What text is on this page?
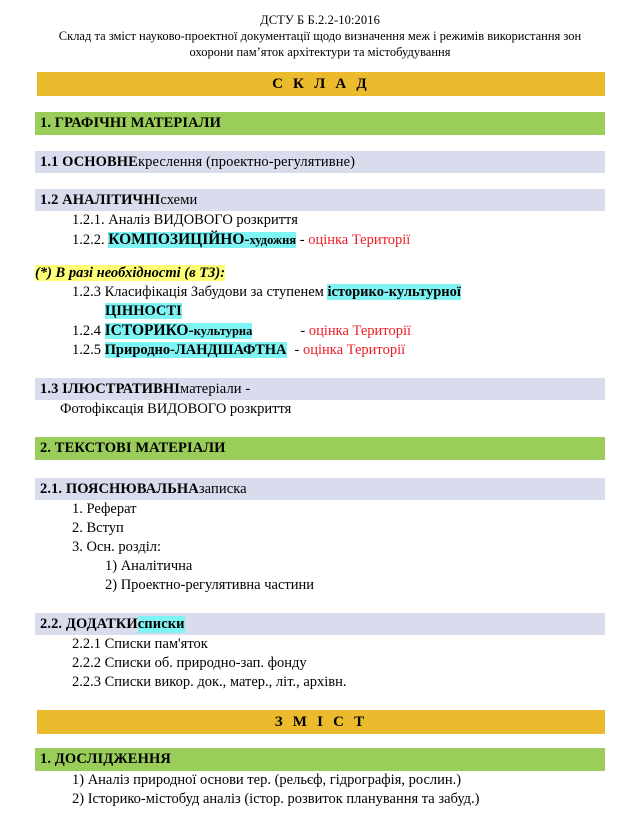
ДСТУ Б Б.2.2-10:2016
Склад та зміст науково-проектної документації щодо визначення меж і режимів використання зон
охорони памʼяток архітектури та містобудування
С К Л А Д
1. ГРАФІЧНІ МАТЕРІАЛИ
1.1 ОСНОВНЕ креслення (проектно-регулятивне)
1.2 АНАЛІТИЧНІ схеми
1.2.1. Аналіз ВИДОВОГО розкриття
1.2.2. КОМПОЗИЦІЙНО-художня - оцінка Території
(*) В разі необхідності (в ТЗ):
1.2.3 Класифікація Забудови за ступенем історико-культурної
ЦІННОСТІ
1.2.4 ІСТОРИКО-культурна	- оцінка Території
1.2.5 Природно-ЛАНДШАФТНА - оцінка Території
1.3 ІЛЮСТРАТИВНІ матеріали -
Фотофіксація ВИДОВОГО розкриття
2. ТЕКСТОВІ МАТЕРІАЛИ
2.1. ПОЯСНЮВАЛЬНА записка
1. Реферат
2. Вступ
3. Осн. розділ:
1) Аналітична
2) Проектно-регулятивна частини
2.2. ДОДАТКИ списки
2.2.1 Списки пам'яток
2.2.2 Списки об. природно-зап. фонду
2.2.3 Списки викор. док., матер., літ., архівн.
З М І С Т
1. ДОСЛІДЖЕННЯ
1) Аналіз природної основи тер. (рельєф, гідрографія, рослин.)
2) Історико-містобуд аналіз (істор. розвиток планування та забуд.)
